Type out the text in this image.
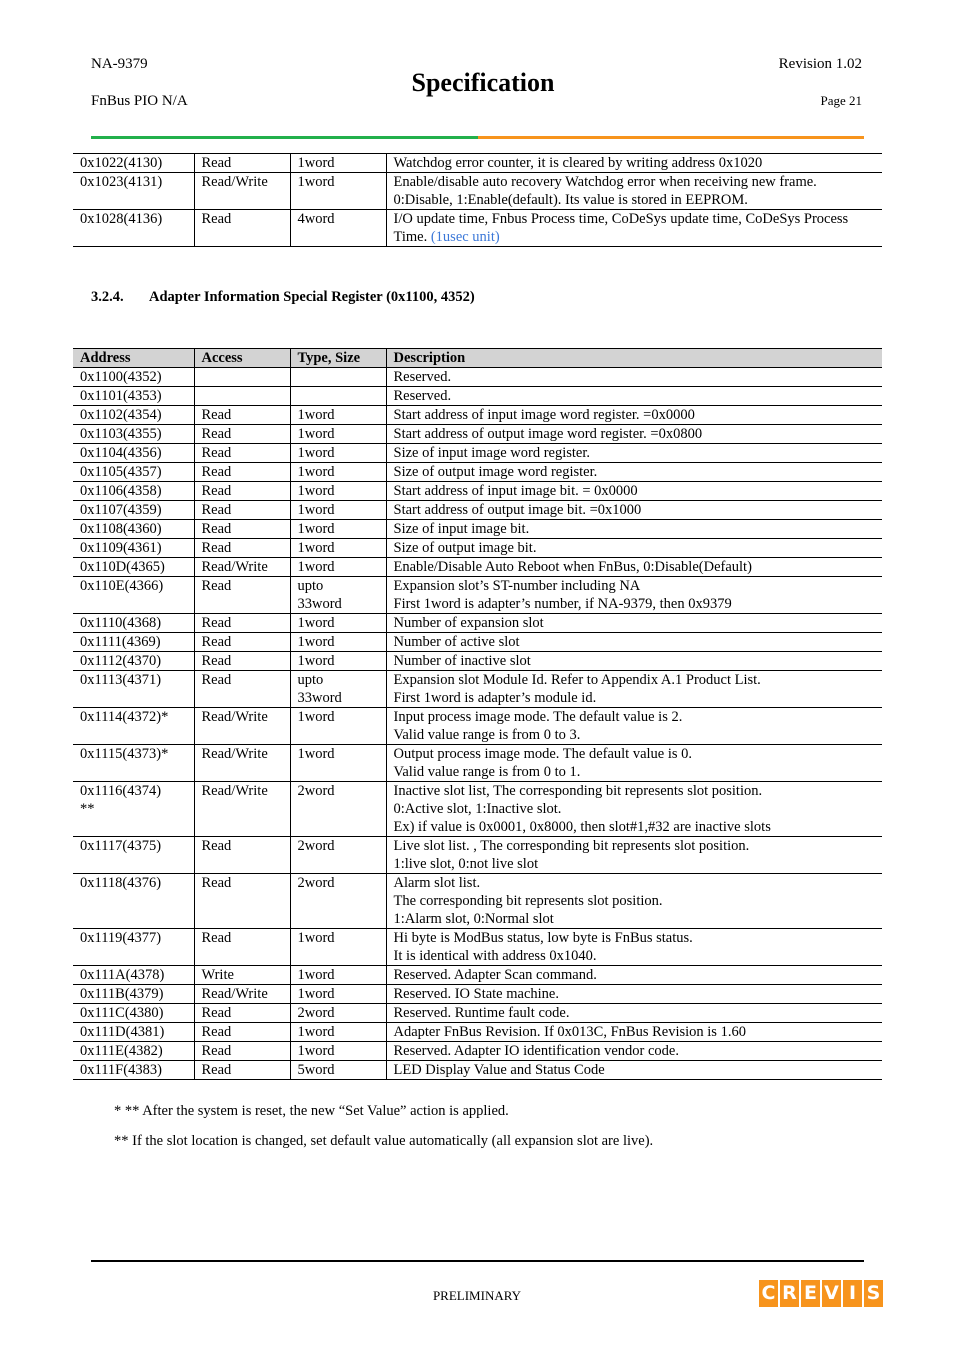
NA-9379
FnBus PIO N/A
Revision 1.02
Page 21
Specification
0x1022(4130)	Read	1word	Watchdog error counter, it is cleared by writing address 0x1020

0x1023(4131)	Read/Write	1word	Enable/disable auto recovery Watchdog error when receiving new frame.
0:Disable, 1:Enable(default). Its value is stored in EEPROM.

0x1028(4136)	Read	4word	I/O update time, Fnbus Process time, CoDeSys update time, CoDeSys Process Time. (1usec unit)
3.2.4. Adapter Information Special Register (0x1100, 4352)
Address	Access	Type, Size	Description

0x1100(4352)			Reserved.

0x1101(4353)			Reserved.

0x1102(4354)	Read	1word	Start address of input image word register. =0x0000

0x1103(4355)	Read	1word	Start address of output image word register. =0x0800

0x1104(4356)	Read	1word	Size of input image word register.

0x1105(4357)	Read	1word	Size of output image word register.

0x1106(4358)	Read	1word	Start address of input image bit. = 0x0000

0x1107(4359)	Read	1word	Start address of output image bit. =0x1000

0x1108(4360)	Read	1word	Size of input image bit.

0x1109(4361)	Read	1word	Size of output image bit.

0x110D(4365)	Read/Write	1word	Enable/Disable Auto Reboot when FnBus, 0:Disable(Default)

0x110E(4366)	Read	upto
33word	Expansion slot’s ST-number including NA
First 1word is adapter’s number, if NA-9379, then 0x9379

0x1110(4368)	Read	1word	Number of expansion slot

0x1111(4369)	Read	1word	Number of active slot

0x1112(4370)	Read	1word	Number of inactive slot

0x1113(4371)	Read	upto
33word	Expansion slot Module Id. Refer to Appendix A.1 Product List.
First 1word is adapter’s module id.

0x1114(4372)*	Read/Write	1word	Input process image mode. The default value is 2.
Valid value range is from 0 to 3.

0x1115(4373)*	Read/Write	1word	Output process image mode. The default value is 0.
Valid value range is from 0 to 1.

0x1116(4374)
**	Read/Write	2word	Inactive slot list, The corresponding bit represents slot position.
0:Active slot, 1:Inactive slot.
Ex) if value is 0x0001, 0x8000, then slot#1,#32 are inactive slots

0x1117(4375)	Read	2word	Live slot list. , The corresponding bit represents slot position.
1:live slot, 0:not live slot

0x1118(4376)	Read	2word	Alarm slot list.
The corresponding bit represents slot position.
1:Alarm slot, 0:Normal slot

0x1119(4377)	Read	1word	Hi byte is ModBus status, low byte is FnBus status.
It is identical with address 0x1040.

0x111A(4378)	Write	1word	Reserved. Adapter Scan command.

0x111B(4379)	Read/Write	1word	Reserved. IO State machine.

0x111C(4380)	Read	2word	Reserved. Runtime fault code.

0x111D(4381)	Read	1word	Adapter FnBus Revision. If 0x013C, FnBus Revision is 1.60

0x111E(4382)	Read	1word	Reserved. Adapter IO identification vendor code.

0x111F(4383)	Read	5word	LED Display Value and Status Code
* ** After the system is reset, the new “Set Value” action is applied.
** If the slot location is changed, set default value automatically (all expansion slot are live).
PRELIMINARY	C R E V I S
